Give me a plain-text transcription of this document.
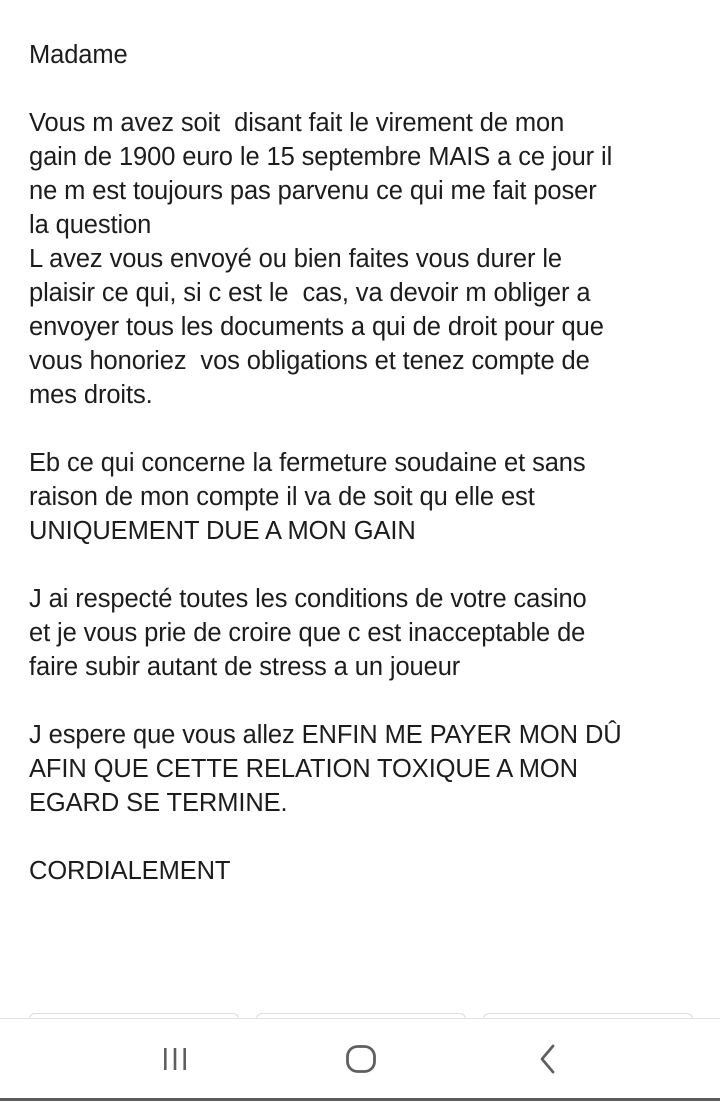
Madame
Vous m avez soit  disant fait le virement de mon
gain de 1900 euro le 15 septembre MAIS a ce jour il
ne m est toujours pas parvenu ce qui me fait poser
la question
L avez vous envoyé ou bien faites vous durer le
plaisir ce qui, si c est le  cas, va devoir m obliger a
envoyer tous les documents a qui de droit pour que
vous honoriez  vos obligations et tenez compte de
mes droits.
Eb ce qui concerne la fermeture soudaine et sans
raison de mon compte il va de soit qu elle est
UNIQUEMENT DUE A MON GAIN
J ai respecté toutes les conditions de votre casino
et je vous prie de croire que c est inacceptable de
faire subir autant de stress a un joueur
J espere que vous allez ENFIN ME PAYER MON DÛ
AFIN QUE CETTE RELATION TOXIQUE A MON
EGARD SE TERMINE.
CORDIALEMENT
